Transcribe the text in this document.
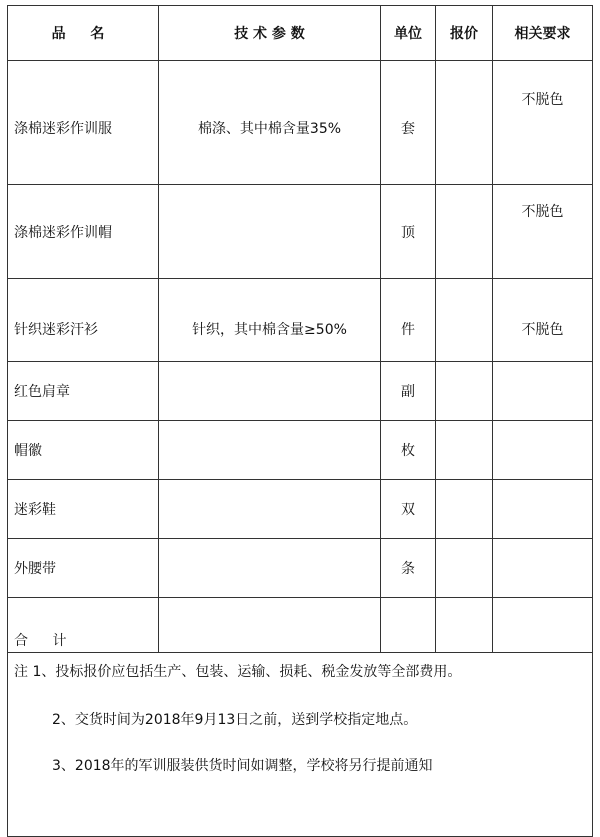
品 名	技 术 参 数	单位	报价	相关要求
涤棉迷彩作训服	棉涤、其中棉含量35%	套		不脱色
涤棉迷彩作训帽		顶		不脱色
针织迷彩汗衫	针织，其中棉含量≥50%	件		不脱色
红色肩章		副		
帽徽		枚		
迷彩鞋		双		
外腰带		条		
合 计				

注 1、投标报价应包括生产、包装、运输、损耗、税金发放等全部费用。

2、交货时间为2018年9月13日之前，送到学校指定地点。

3、2018年的军训服装供货时间如调整，学校将另行提前通知				
